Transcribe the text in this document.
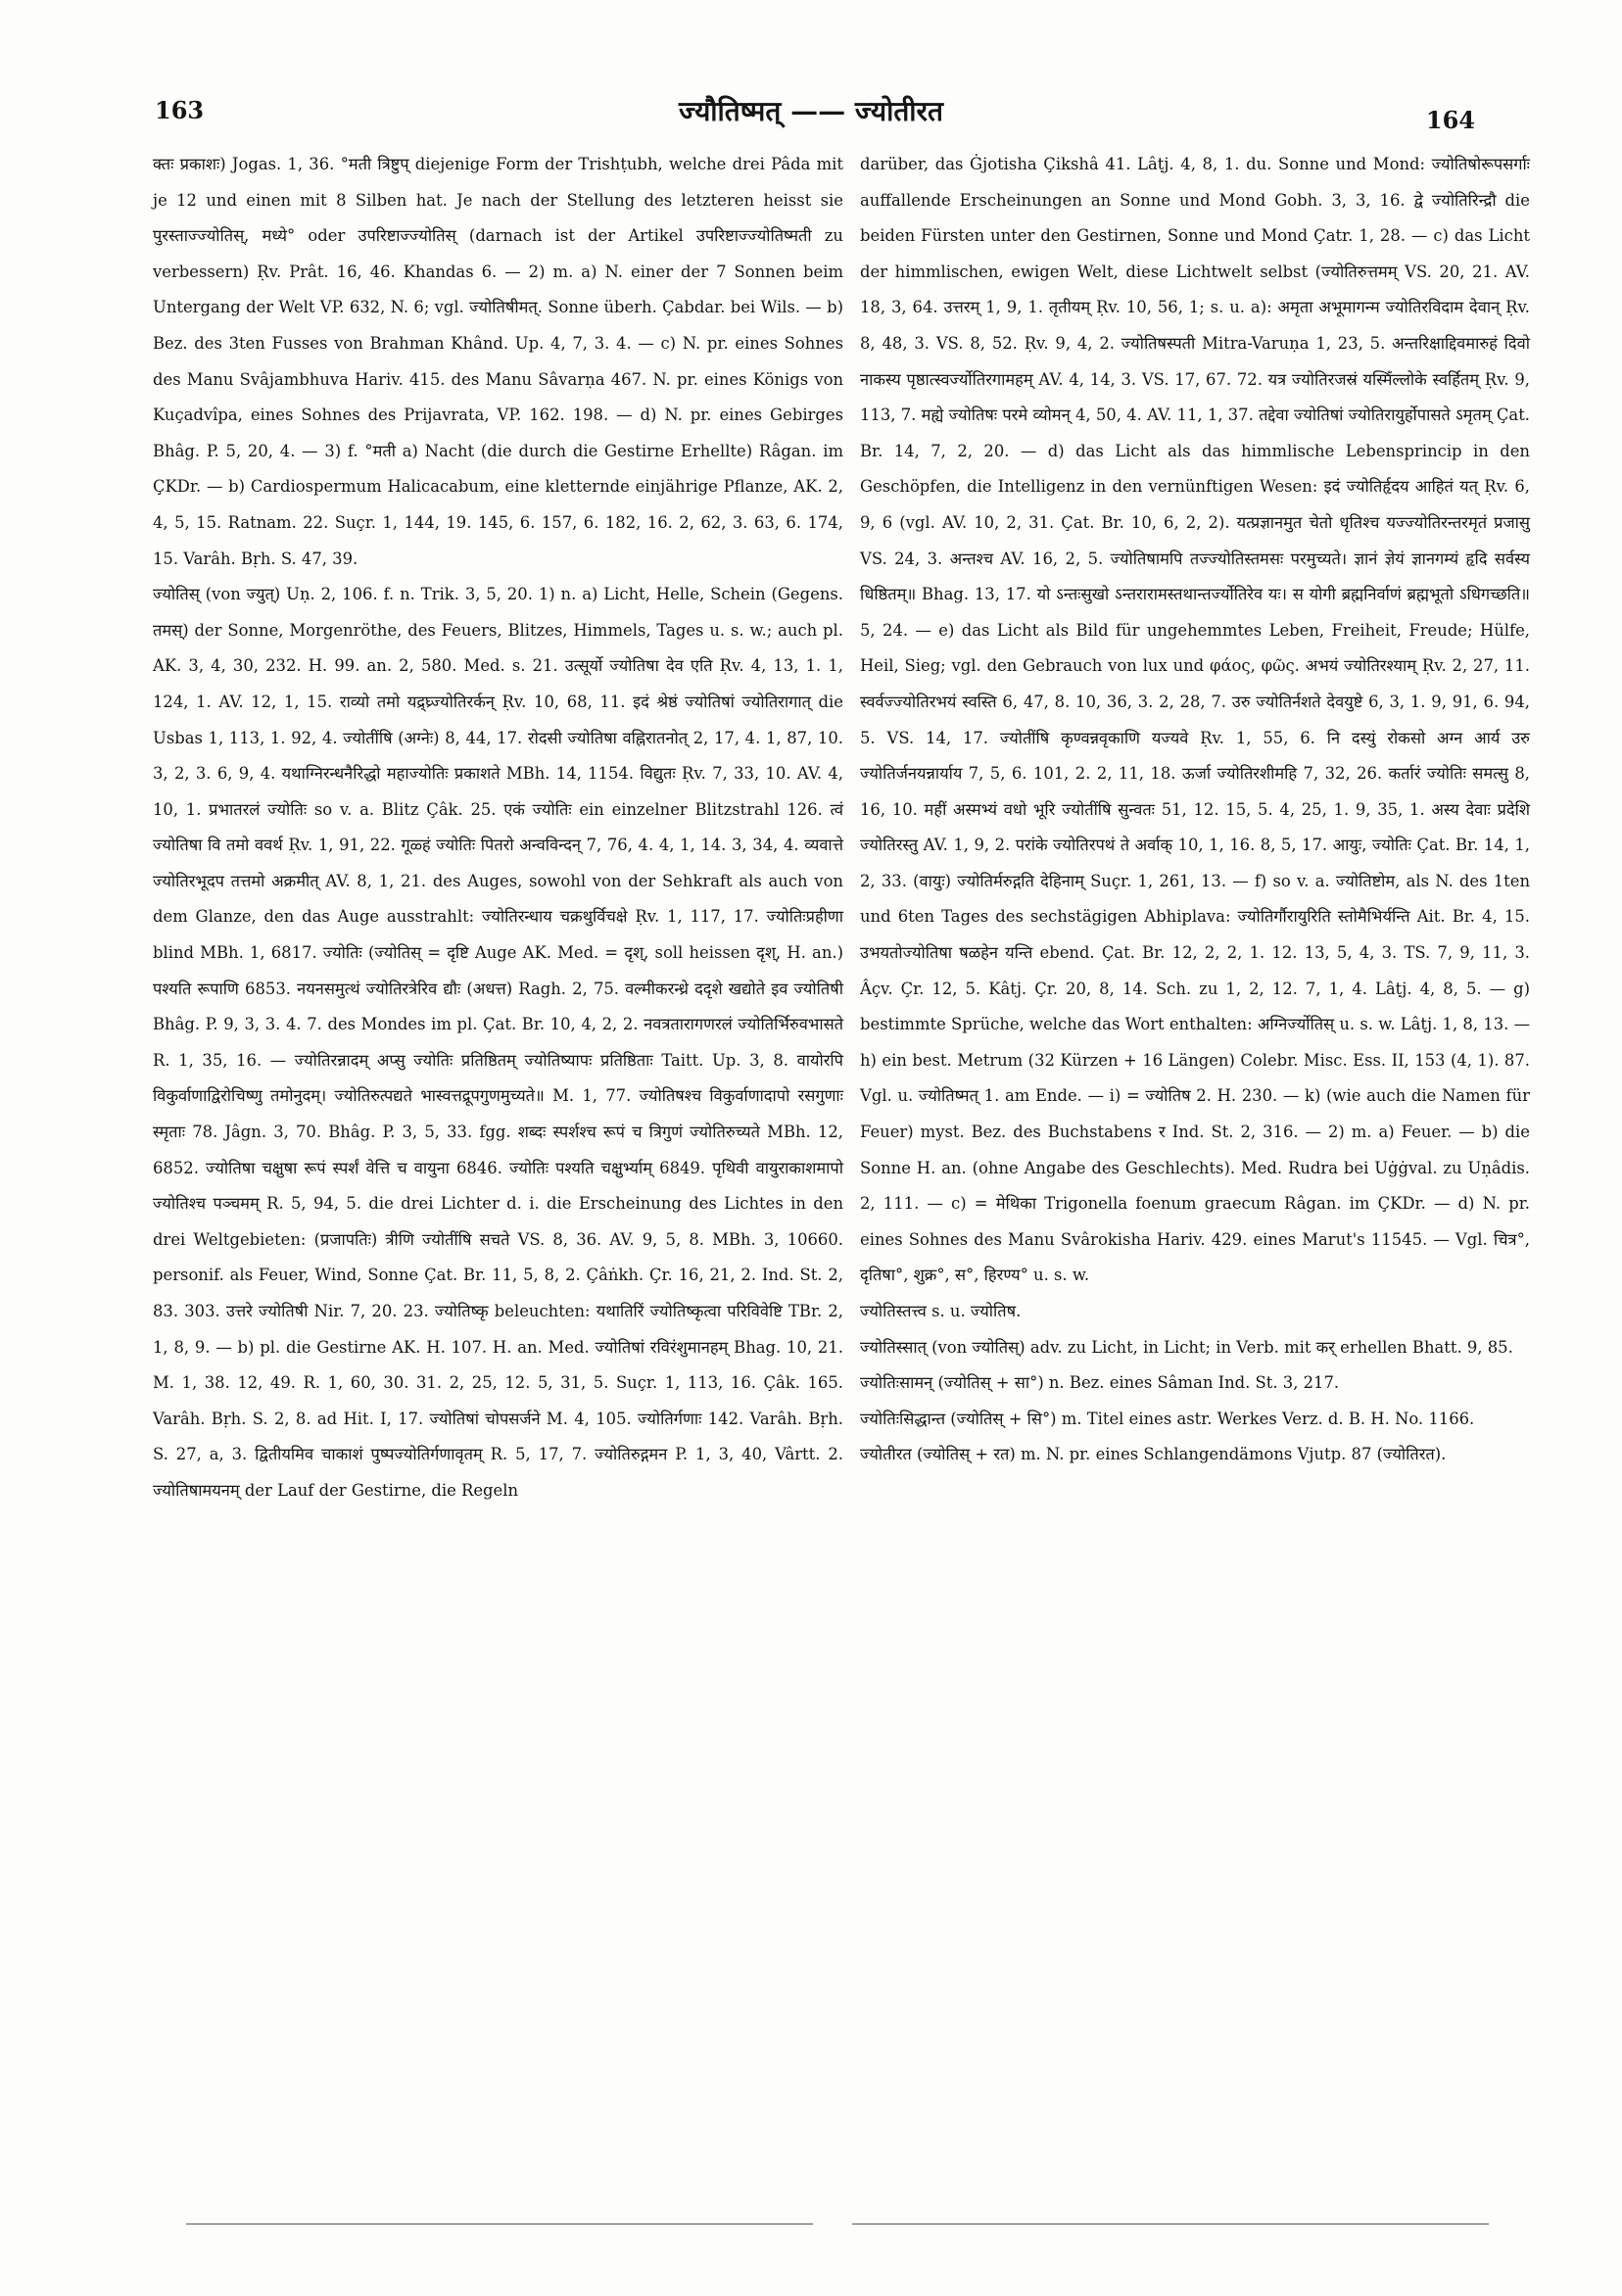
163	ज्यौतिष्मत् —— ज्योतीरत	164

क्तः प्रकाशः) Jogas. 1, 36. °मती त्रिष्टुप् diejenige Form der Trishṭubh, welche drei Pâda mit je 12 und einen mit 8 Silben hat. Je nach der Stellung des letzteren heisst sie पुरस्ताज्ज्योतिस्, मध्ये° oder उपरिष्टाज्ज्योतिस् (darnach ist der Artikel उपरिष्टाज्ज्योतिष्मती zu verbessern) Ṛv. Prât. 16, 46. Khandas 6. — 2) m. a) N. einer der 7 Sonnen beim Untergang der Welt VP. 632, N. 6; vgl. ज्योतिषीमत्. Sonne überh. Çabdar. bei Wils. — b) Bez. des 3ten Fusses von Brahman Khând. Up. 4, 7, 3. 4. — c) N. pr. eines Sohnes des Manu Svâjambhuva Hariv. 415. des Manu Sâvarṇa 467. N. pr. eines Königs von Kuçadvîpa, eines Sohnes des Prijavrata, VP. 162. 198. — d) N. pr. eines Gebirges Bhâg. P. 5, 20, 4. — 3) f. °मती a) Nacht (die durch die Gestirne Erhellte) Râgan. im ÇKDr. — b) Cardiospermum Halicacabum, eine kletternde einjährige Pflanze, AK. 2, 4, 5, 15. Ratnam. 22. Suçr. 1, 144, 19. 145, 6. 157, 6. 182, 16. 2, 62, 3. 63, 6. 174, 15. Varâh. Bṛh. S. 47, 39.

ज्योतिस् (von ज्युत्) Uṇ. 2, 106. f. n. Trik. 3, 5, 20. 1) n. a) Licht, Helle, Schein (Gegens. तमस्) der Sonne, Morgenröthe, des Feuers, Blitzes, Himmels, Tages u. s. w.; auch pl. AK. 3, 4, 30, 232. H. 99. an. 2, 580. Med. s. 21. उत्सूर्यो ज्योतिषा देव एति Ṛv. 4, 13, 1. 1, 124, 1. AV. 12, 1, 15. राव्यो तमो यद्र्घ्र्ज्योतिरर्कन् Ṛv. 10, 68, 11. इदं श्रेष्ठं ज्योतिषां ज्योतिरागात् die Usbas 1, 113, 1. 92, 4. ज्योतींषि (अग्नेः) 8, 44, 17. रोदसी ज्योतिषा वह्निरातनोत् 2, 17, 4. 1, 87, 10. 3, 2, 3. 6, 9, 4. यथाग्निरन्धनैरिद्धो महाज्योतिः प्रकाशते MBh. 14, 1154. विद्युतः Ṛv. 7, 33, 10. AV. 4, 10, 1. प्रभातरलं ज्योतिः so v. a. Blitz Çâk. 25. एकं ज्योतिः ein einzelner Blitzstrahl 126. त्वं ज्योतिषा वि तमो ववर्थ Ṛv. 1, 91, 22. गूळ्हं ज्योतिः पितरो अन्वविन्दन् 7, 76, 4. 4, 1, 14. 3, 34, 4. व्यवात्ते ज्योतिरभूदप तत्तमो अक्रमीत् AV. 8, 1, 21. des Auges, sowohl von der Sehkraft als auch von dem Glanze, den das Auge ausstrahlt: ज्योतिरन्धाय चक्रथुर्विचक्षे Ṛv. 1, 117, 17. ज्योतिःप्रहीणा blind MBh. 1, 6817. ज्योतिः (ज्योतिस् = दृष्टि Auge AK. Med. = दृश्, soll heissen दृश्, H. an.) पश्यति रूपाणि 6853. नयनसमुत्थं ज्योतिरत्रेरिव द्यौः (अधत्त) Ragh. 2, 75. वल्मीकरन्ध्रे ददृशे खद्योते इव ज्योतिषी Bhâg. P. 9, 3, 3. 4. 7. des Mondes im pl. Çat. Br. 10, 4, 2, 2. नवत्रतारागणरलं ज्योतिर्भिरुवभासते R. 1, 35, 16. — ज्योतिरन्नादम् अप्सु ज्योतिः प्रतिष्ठितम् ज्योतिष्यापः प्रतिष्ठिताः Taitt. Up. 3, 8. वायोरपि विकुर्वाणाद्विरोचिष्णु तमोनुदम्। ज्योतिरुत्पद्यते भास्वत्तद्रूपगुणमुच्यते॥ M. 1, 77. ज्योतिषश्च विकुर्वाणादापो रसगुणाः स्मृताः 78. Jâgn. 3, 70. Bhâg. P. 3, 5, 33. fgg. शब्दः स्पर्शश्च रूपं च त्रिगुणं ज्योतिरुच्यते MBh. 12, 6852. ज्योतिषा चक्षुषा रूपं स्पर्शं वेत्ति च वायुना 6846. ज्योतिः पश्यति चक्षुर्भ्याम् 6849. पृथिवी वायुराकाशमापो ज्योतिश्च पञ्चमम् R. 5, 94, 5. die drei Lichter d. i. die Erscheinung des Lichtes in den drei Weltgebieten: (प्रजापतिः) त्रीणि ज्योतींषि सचते VS. 8, 36. AV. 9, 5, 8. MBh. 3, 10660. personif. als Feuer, Wind, Sonne Çat. Br. 11, 5, 8, 2. Çâṅkh. Çr. 16, 21, 2. Ind. St. 2, 83. 303. उत्तरे ज्योतिषी Nir. 7, 20. 23. ज्योतिष्कृ beleuchten: यथातिरिं ज्योतिष्कृत्वा परिविवेष्टि TBr. 2, 1, 8, 9. — b) pl. die Gestirne AK. H. 107. H. an. Med. ज्योतिषां रविरंशुमानहम् Bhag. 10, 21. M. 1, 38. 12, 49. R. 1, 60, 30. 31. 2, 25, 12. 5, 31, 5. Suçr. 1, 113, 16. Çâk. 165. Varâh. Bṛh. S. 2, 8. ad Hit. I, 17. ज्योतिषां चोपसर्जने M. 4, 105. ज्योतिर्गणाः 142. Varâh. Bṛh. S. 27, a, 3. द्वितीयमिव चाकाशं पुष्पज्योतिर्गणावृतम् R. 5, 17, 7. ज्योतिरुद्गमन P. 1, 3, 40, Vârtt. 2. ज्योतिषामयनम् der Lauf der Gestirne, die Regeln

darüber, das Ġjotisha Çikshâ 41. Lâṭj. 4, 8, 1. du. Sonne und Mond: ज्योतिषोरूपसर्गाः auffallende Erscheinungen an Sonne und Mond Gobh. 3, 3, 16. द्वे ज्योतिरिन्द्रौ die beiden Fürsten unter den Gestirnen, Sonne und Mond Çatr. 1, 28. — c) das Licht der himmlischen, ewigen Welt, diese Lichtwelt selbst (ज्योतिरुत्तमम् VS. 20, 21. AV. 18, 3, 64. उत्तरम् 1, 9, 1. तृतीयम् Ṛv. 10, 56, 1; s. u. a): अमृता अभूमागन्म ज्योतिरविदाम देवान् Ṛv. 8, 48, 3. VS. 8, 52. Ṛv. 9, 4, 2. ज्योतिषस्पती Mitra-Varuṇa 1, 23, 5. अन्तरिक्षाद्दिवमारुहं दिवो नाकस्य पृष्ठात्स्वर्ज्योतिरगामहम् AV. 4, 14, 3. VS. 17, 67. 72. यत्र ज्योतिरजस्रं यस्मिँल्लोके स्वर्हितम् Ṛv. 9, 113, 7. मह्ये ज्योतिषः परमे व्योमन् 4, 50, 4. AV. 11, 1, 37. तद्देवा ज्योतिषां ज्योतिरायुर्होपासते ऽमृतम् Çat. Br. 14, 7, 2, 20. — d) das Licht als das himmlische Lebensprincip in den Geschöpfen, die Intelligenz in den vernünftigen Wesen: इदं ज्योतिर्हृदय आहितं यत् Ṛv. 6, 9, 6 (vgl. AV. 10, 2, 31. Çat. Br. 10, 6, 2, 2). यत्प्रज्ञानमुत चेतो धृतिश्च यज्ज्योतिरन्तरमृतं प्रजासु VS. 24, 3. अन्तश्च AV. 16, 2, 5. ज्योतिषामपि तज्ज्योतिस्तमसः परमुच्यते। ज्ञानं ज्ञेयं ज्ञानगम्यं हृदि सर्वस्य धिष्ठितम्॥ Bhag. 13, 17. यो ऽन्तःसुखो ऽन्तरारामस्तथान्तर्ज्योतिरेव यः। स योगी ब्रह्मनिर्वाणं ब्रह्मभूतो ऽधिगच्छति॥ 5, 24. — e) das Licht als Bild für ungehemmtes Leben, Freiheit, Freude; Hülfe, Heil, Sieg; vgl. den Gebrauch von lux und φάος, φῶς. अभयं ज्योतिरश्याम् Ṛv. 2, 27, 11. स्वर्वज्ज्योतिरभयं स्वस्ति 6, 47, 8. 10, 36, 3. 2, 28, 7. उरु ज्योतिर्नशते देवयुष्टे 6, 3, 1. 9, 91, 6. 94, 5. VS. 14, 17. ज्योतींषि कृण्वन्नवृकाणि यज्यवे Ṛv. 1, 55, 6. नि दस्युं रोकसो अग्न आर्य उरु ज्योतिर्जनयन्नार्याय 7, 5, 6. 101, 2. 2, 11, 18. ऊर्जा ज्योतिरशीमहि 7, 32, 26. कर्तारं ज्योतिः समत्सु 8, 16, 10. महीं अस्मभ्यं वधो भूरि ज्योतींषि सुन्वतः 51, 12. 15, 5. 4, 25, 1. 9, 35, 1. अस्य देवाः प्रदेशि ज्योतिरस्तु AV. 1, 9, 2. परांके ज्योतिरपथं ते अर्वाक् 10, 1, 16. 8, 5, 17. आयुः, ज्योतिः Çat. Br. 14, 1, 2, 33. (वायुः) ज्योतिर्मरुद्गति देहिनाम् Suçr. 1, 261, 13. — f) so v. a. ज्योतिष्टोम, als N. des 1ten und 6ten Tages des sechstägigen Abhiplava: ज्योतिर्गौरायुरिति स्तोमैभिर्यन्ति Ait. Br. 4, 15. उभयतोज्योतिषा षळहेन यन्ति ebend. Çat. Br. 12, 2, 2, 1. 12. 13, 5, 4, 3. TS. 7, 9, 11, 3. Âçv. Çr. 12, 5. Kâtj. Çr. 20, 8, 14. Sch. zu 1, 2, 12. 7, 1, 4. Lâṭj. 4, 8, 5. — g) bestimmte Sprüche, welche das Wort enthalten: अग्निर्ज्योतिस् u. s. w. Lâṭj. 1, 8, 13. — h) ein best. Metrum (32 Kürzen + 16 Längen) Colebr. Misc. Ess. II, 153 (4, 1). 87. Vgl. u. ज्योतिष्मत् 1. am Ende. — i) = ज्योतिष 2. H. 230. — k) (wie auch die Namen für Feuer) myst. Bez. des Buchstabens र Ind. St. 2, 316. — 2) m. a) Feuer. — b) die Sonne H. an. (ohne Angabe des Geschlechts). Med. Rudra bei Uġġval. zu Uṇâdis. 2, 111. — c) = मेथिका Trigonella foenum graecum Râgan. im ÇKDr. — d) N. pr. eines Sohnes des Manu Svârokisha Hariv. 429. eines Marut's 11545. — Vgl. चित्र°, दृतिषा°, शुक्र°, स°, हिरण्य° u. s. w.

ज्योतिस्तत्त्व s. u. ज्योतिष.

ज्योतिस्सात् (von ज्योतिस्) adv. zu Licht, in Licht; in Verb. mit कर् erhellen Bhatt. 9, 85.

ज्योतिःसामन् (ज्योतिस् + सा°) n. Bez. eines Sâman Ind. St. 3, 217.

ज्योतिःसिद्धान्त (ज्योतिस् + सि°) m. Titel eines astr. Werkes Verz. d. B. H. No. 1166.

ज्योतीरत (ज्योतिस् + रत) m. N. pr. eines Schlangendämons Vjutp. 87 (ज्योतिरत).
